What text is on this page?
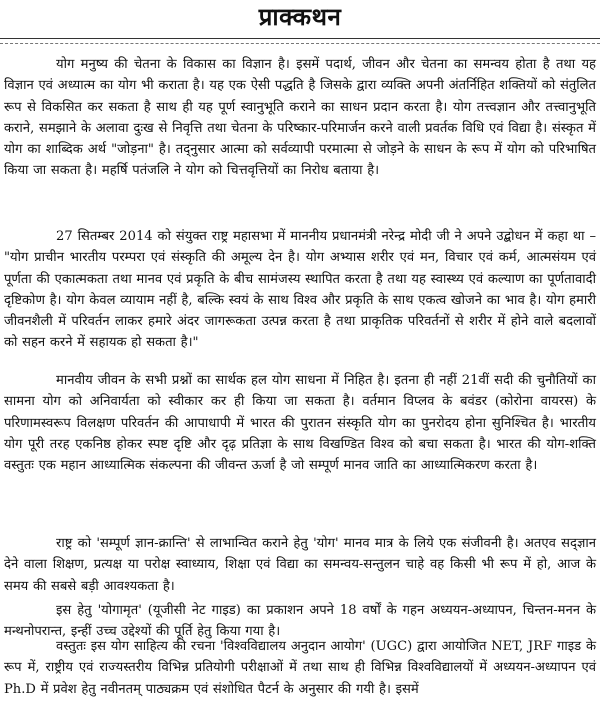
प्राक्कथन

योग मनुष्य की चेतना के विकास का विज्ञान है। इसमें पदार्थ, जीवन और चेतना का समन्वय होता है तथा यह विज्ञान एवं अध्यात्म का योग भी कराता है। यह एक ऐसी पद्धति है जिसके द्वारा व्यक्ति अपनी अंतर्निहित शक्तियों को संतुलित रूप से विकसित कर सकता है साथ ही यह पूर्ण स्वानुभूति कराने का साधन प्रदान करता है। योग तत्त्वज्ञान और तत्त्वानुभूति कराने, समझाने के अलावा दुःख से निवृत्ति तथा चेतना के परिष्कार-परिमार्जन करने वाली प्रवर्तक विधि एवं विद्या है। संस्कृत में योग का शाब्दिक अर्थ "जोड़ना" है। तद्नुसार आत्मा को सर्वव्यापी परमात्मा से जोड़ने के साधन के रूप में योग को परिभाषित किया जा सकता है। महर्षि पतंजलि ने योग को चित्तवृत्तियों का निरोध बताया है।

27 सितम्बर 2014 को संयुक्त राष्ट्र महासभा में माननीय प्रधानमंत्री नरेन्द्र मोदी जी ने अपने उद्बोधन में कहा था – "योग प्राचीन भारतीय परम्परा एवं संस्कृति की अमूल्य देन है। योग अभ्यास शरीर एवं मन, विचार एवं कर्म, आत्मसंयम एवं पूर्णता की एकात्मकता तथा मानव एवं प्रकृति के बीच सामंजस्य स्थापित करता है तथा यह स्वास्थ्य एवं कल्याण का पूर्णतावादी दृष्टिकोण है। योग केवल व्यायाम नहीं है, बल्कि स्वयं के साथ विश्व और प्रकृति के साथ एकत्व खोजने का भाव है। योग हमारी जीवनशैली में परिवर्तन लाकर हमारे अंदर जागरूकता उत्पन्न करता है तथा प्राकृतिक परिवर्तनों से शरीर में होने वाले बदलावों को सहन करने में सहायक हो सकता है।"

मानवीय जीवन के सभी प्रश्नों का सार्थक हल योग साधना में निहित है। इतना ही नहीं 21वीं सदी की चुनौतियों का सामना योग को अनिवार्यता को स्वीकार कर ही किया जा सकता है। वर्तमान विप्लव के बवंडर (कोरोना वायरस) के परिणामस्वरूप विलक्षण परिवर्तन की आपाधापी में भारत की पुरातन संस्कृति योग का पुनरोदय होना सुनिश्चित है। भारतीय योग पूरी तरह एकनिष्ठ होकर स्पष्ट दृष्टि और दृढ़ प्रतिज्ञा के साथ विखण्डित विश्व को बचा सकता है। भारत की योग-शक्ति वस्तुतः एक महान आध्यात्मिक संकल्पना की जीवन्त ऊर्जा है जो सम्पूर्ण मानव जाति का आध्यात्मिकरण करता है।

राष्ट्र को 'सम्पूर्ण ज्ञान-क्रान्ति' से लाभान्वित कराने हेतु 'योग' मानव मात्र के लिये एक संजीवनी है। अतएव सद्ज्ञान देने वाला शिक्षण, प्रत्यक्ष या परोक्ष स्वाध्याय, शिक्षा एवं विद्या का समन्वय-सन्तुलन चाहे वह किसी भी रूप में हो, आज के समय की सबसे बड़ी आवश्यकता है।

इस हेतु 'योगामृत' (यूजीसी नेट गाइड) का प्रकाशन अपने 18 वर्षों के गहन अध्ययन-अध्यापन, चिन्तन-मनन के मन्थनोपरान्त, इन्हीं उच्च उद्देश्यों की पूर्ति हेतु किया गया है।

वस्तुतः इस योग साहित्य की रचना 'विश्वविद्यालय अनुदान आयोग' (UGC) द्वारा आयोजित NET, JRF गाइड के रूप में, राष्ट्रीय एवं राज्यस्तरीय विभिन्न प्रतियोगी परीक्षाओं में तथा साथ ही विभिन्न विश्वविद्यालयों में अध्ययन-अध्यापन एवं Ph.D में प्रवेश हेतु नवीनतम् पाठ्यक्रम एवं संशोधित पैटर्न के अनुसार की गयी है। इसमें
